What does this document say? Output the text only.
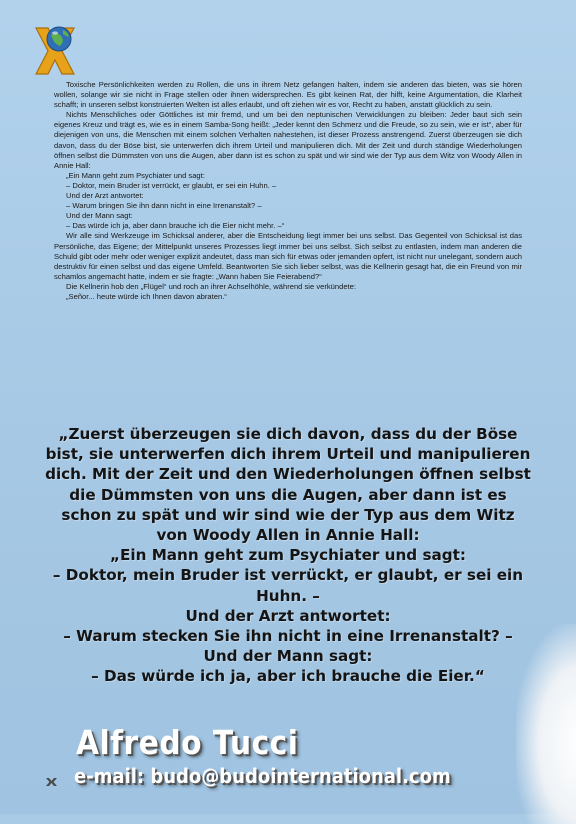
Toxische Persönlichkeiten werden zu Rollen, die uns in ihrem Netz gefangen halten, indem sie anderen das bieten, was sie hören wollen, solange wir sie nicht in Frage stellen oder ihnen widersprechen. Es gibt keinen Rat, der hilft, keine Argumentation, die Klarheit schafft; in unseren selbst konstruierten Welten ist alles erlaubt, und oft ziehen wir es vor, Recht zu haben, anstatt glücklich zu sein.

Nichts Menschliches oder Göttliches ist mir fremd, und um bei den neptunischen Verwicklungen zu bleiben: Jeder baut sich sein eigenes Kreuz und trägt es, wie es in einem Samba-Song heißt: „Jeder kennt den Schmerz und die Freude, so zu sein, wie er ist“, aber für diejenigen von uns, die Menschen mit einem solchen Verhalten nahestehen, ist dieser Prozess anstrengend. Zuerst überzeugen sie dich davon, dass du der Böse bist, sie unterwerfen dich ihrem Urteil und manipulieren dich. Mit der Zeit und durch ständige Wiederholungen öffnen selbst die Dümmsten von uns die Augen, aber dann ist es schon zu spät und wir sind wie der Typ aus dem Witz von Woody Allen in Annie Hall:

„Ein Mann geht zum Psychiater und sagt:

– Doktor, mein Bruder ist verrückt, er glaubt, er sei ein Huhn. –

Und der Arzt antwortet:

– Warum bringen Sie ihn dann nicht in eine Irrenanstalt? –

Und der Mann sagt:

– Das würde ich ja, aber dann brauche ich die Eier nicht mehr. –“

Wir alle sind Werkzeuge im Schicksal anderer, aber die Entscheidung liegt immer bei uns selbst. Das Gegenteil von Schicksal ist das Persönliche, das Eigene; der Mittelpunkt unseres Prozesses liegt immer bei uns selbst. Sich selbst zu entlasten, indem man anderen die Schuld gibt oder mehr oder weniger explizit andeutet, dass man sich für etwas oder jemanden opfert, ist nicht nur unelegant, sondern auch destruktiv für einen selbst und das eigene Umfeld. Beantworten Sie sich lieber selbst, was die Kellnerin gesagt hat, die ein Freund von mir schamlos angemacht hatte, indem er sie fragte: „Wann haben Sie Feierabend?“

Die Kellnerin hob den „Flügel“ und roch an ihrer Achselhöhle, während sie verkündete:

„Señor... heute würde ich Ihnen davon abraten.“

„Zuerst überzeugen sie dich davon, dass du der Böse bist, sie unterwerfen dich ihrem Urteil und manipulieren dich. Mit der Zeit und den Wiederholungen öffnen selbst die Dümmsten von uns die Augen, aber dann ist es schon zu spät und wir sind wie der Typ aus dem Witz von Woody Allen in Annie Hall:

„Ein Mann geht zum Psychiater und sagt:

– Doktor, mein Bruder ist verrückt, er glaubt, er sei ein Huhn. –

Und der Arzt antwortet:

– Warum stecken Sie ihn nicht in eine Irrenanstalt? –

Und der Mann sagt:

– Das würde ich ja, aber ich brauche die Eier.“

Alfredo Tucci
e-mail: budo@budointernational.com
